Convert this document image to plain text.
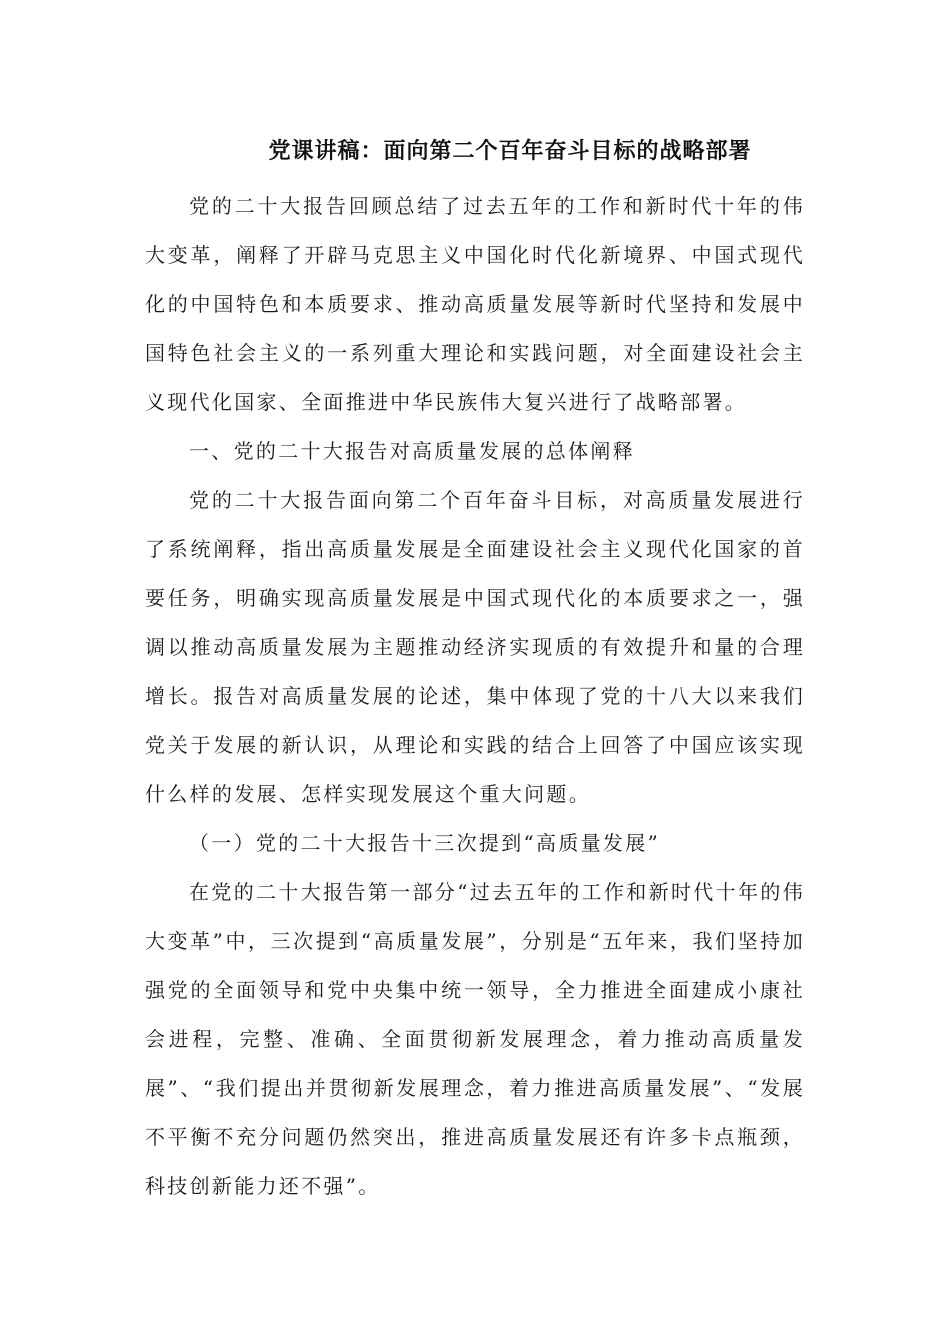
党课讲稿：面向第二个百年奋斗目标的战略部署

党的二十大报告回顾总结了过去五年的工作和新时代十年的伟大变革，阐释了开辟马克思主义中国化时代化新境界、中国式现代化的中国特色和本质要求、推动高质量发展等新时代坚持和发展中国特色社会主义的一系列重大理论和实践问题，对全面建设社会主义现代化国家、全面推进中华民族伟大复兴进行了战略部署。

一、党的二十大报告对高质量发展的总体阐释

党的二十大报告面向第二个百年奋斗目标，对高质量发展进行了系统阐释，指出高质量发展是全面建设社会主义现代化国家的首要任务，明确实现高质量发展是中国式现代化的本质要求之一，强调以推动高质量发展为主题推动经济实现质的有效提升和量的合理增长。报告对高质量发展的论述，集中体现了党的十八大以来我们党关于发展的新认识，从理论和实践的结合上回答了中国应该实现什么样的发展、怎样实现发展这个重大问题。

（一）党的二十大报告十三次提到“高质量发展”

在党的二十大报告第一部分“过去五年的工作和新时代十年的伟大变革”中，三次提到“高质量发展”，分别是“五年来，我们坚持加强党的全面领导和党中央集中统一领导，全力推进全面建成小康社会进程，完整、准确、全面贯彻新发展理念，着力推动高质量发展”、“我们提出并贯彻新发展理念，着力推进高质量发展”、“发展不平衡不充分问题仍然突出，推进高质量发展还有许多卡点瓶颈，科技创新能力还不强”。
